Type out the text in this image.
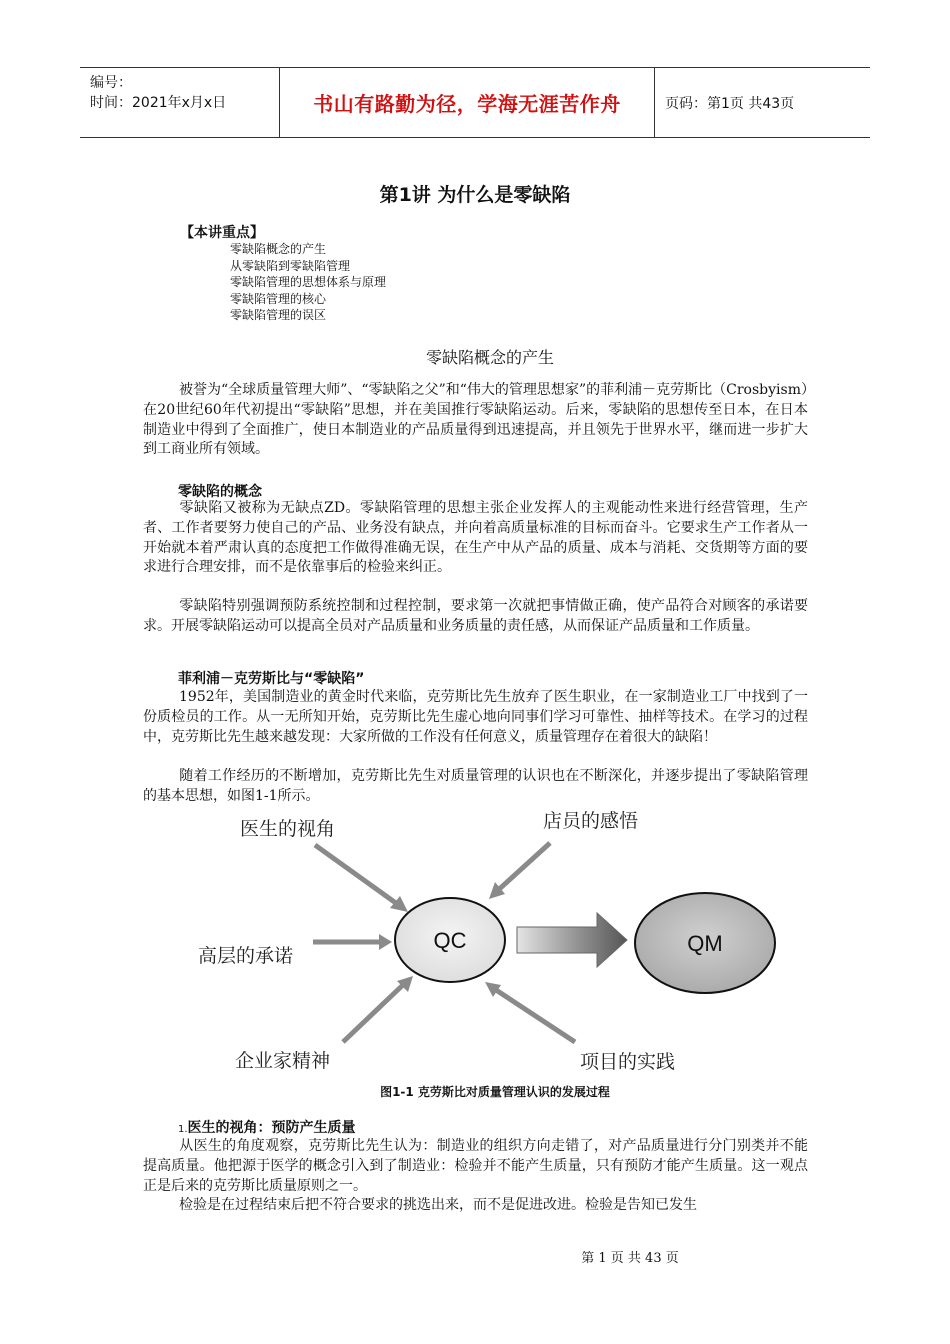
编号：
时间：2021年x月x日	书山有路勤为径，学海无涯苦作舟	页码：第1页 共43页
第1讲 为什么是零缺陷
【本讲重点】
零缺陷概念的产生
从零缺陷到零缺陷管理
零缺陷管理的思想体系与原理
零缺陷管理的核心
零缺陷管理的误区
零缺陷概念的产生
被誉为“全球质量管理大师”、“零缺陷之父”和“伟大的管理思想家”的菲利浦－克劳斯比（Crosbyism）在20世纪60年代初提出“零缺陷”思想，并在美国推行零缺陷运动。后来，零缺陷的思想传至日本，在日本制造业中得到了全面推广，使日本制造业的产品质量得到迅速提高，并且领先于世界水平，继而进一步扩大到工商业所有领域。
零缺陷的概念
零缺陷又被称为无缺点ZD。零缺陷管理的思想主张企业发挥人的主观能动性来进行经营管理，生产者、工作者要努力使自己的产品、业务没有缺点，并向着高质量标准的目标而奋斗。它要求生产工作者从一开始就本着严肃认真的态度把工作做得准确无误，在生产中从产品的质量、成本与消耗、交货期等方面的要求进行合理安排，而不是依靠事后的检验来纠正。
零缺陷特别强调预防系统控制和过程控制，要求第一次就把事情做正确，使产品符合对顾客的承诺要求。开展零缺陷运动可以提高全员对产品质量和业务质量的责任感，从而保证产品质量和工作质量。
菲利浦－克劳斯比与“零缺陷”
1952年，美国制造业的黄金时代来临，克劳斯比先生放弃了医生职业，在一家制造业工厂中找到了一份质检员的工作。从一无所知开始，克劳斯比先生虚心地向同事们学习可靠性、抽样等技术。在学习的过程中，克劳斯比先生越来越发现：大家所做的工作没有任何意义，质量管理存在着很大的缺陷！
随着工作经历的不断增加，克劳斯比先生对质量管理的认识也在不断深化，并逐步提出了零缺陷管理的基本思想，如图1-1所示。
QC	QM
医生的视角	店员的感悟
高层的承诺
企业家精神	项目的实践
图1-1 克劳斯比对质量管理认识的发展过程
1.医生的视角：预防产生质量
从医生的角度观察，克劳斯比先生认为：制造业的组织方向走错了，对产品质量进行分门别类并不能提高质量。他把源于医学的概念引入到了制造业：检验并不能产生质量，只有预防才能产生质量。这一观点正是后来的克劳斯比质量原则之一。
检验是在过程结束后把不符合要求的挑选出来，而不是促进改进。检验是告知已发生
第 1 页 共 43 页
